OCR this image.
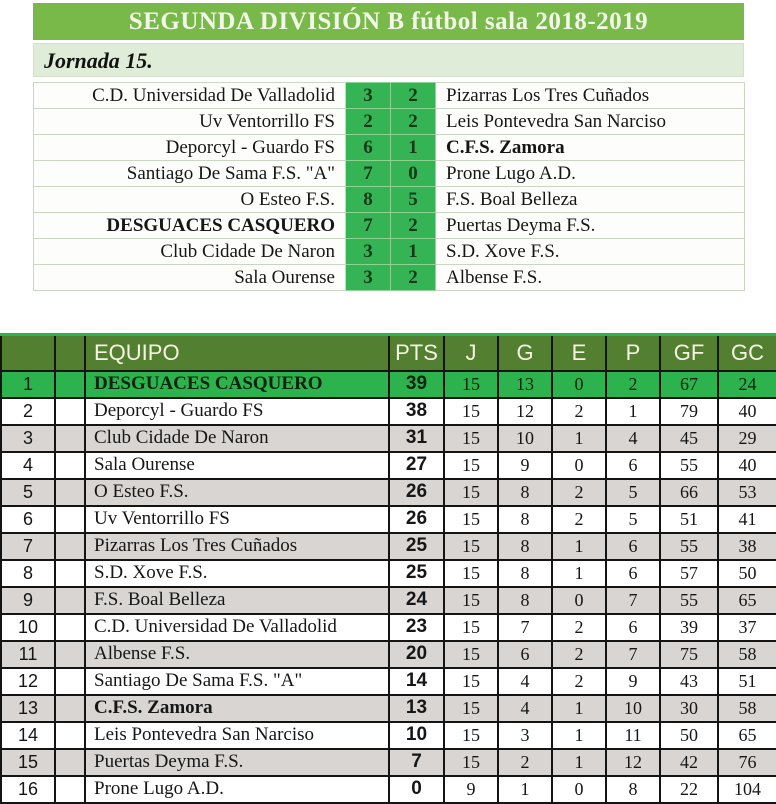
SEGUNDA DIVISIÓN B fútbol sala 2018-2019
Jornada 15.
C.D. Universidad De Valladolid	3	2	Pizarras Los Tres Cuñados
Uv Ventorrillo FS	2	2	Leis Pontevedra San Narciso
Deporcyl - Guardo FS	6	1	C.F.S. Zamora
Santiago De Sama F.S. "A"	7	0	Prone Lugo A.D.
O Esteo F.S.	8	5	F.S. Boal Belleza
DESGUACES CASQUERO	7	2	Puertas Deyma F.S.
Club Cidade De Naron	3	1	S.D. Xove F.S.
Sala Ourense	3	2	Albense F.S.
		EQUIPO	PTS	J	G	E	P	GF	GC
1		DESGUACES CASQUERO	39	15	13	0	2	67	24
2		Deporcyl - Guardo FS	38	15	12	2	1	79	40
3		Club Cidade De Naron	31	15	10	1	4	45	29
4		Sala Ourense	27	15	9	0	6	55	40
5		O Esteo F.S.	26	15	8	2	5	66	53
6		Uv Ventorrillo FS	26	15	8	2	5	51	41
7		Pizarras Los Tres Cuñados	25	15	8	1	6	55	38
8		S.D. Xove F.S.	25	15	8	1	6	57	50
9		F.S. Boal Belleza	24	15	8	0	7	55	65
10		C.D. Universidad De Valladolid	23	15	7	2	6	39	37
11		Albense F.S.	20	15	6	2	7	75	58
12		Santiago De Sama F.S. "A"	14	15	4	2	9	43	51
13		C.F.S. Zamora	13	15	4	1	10	30	58
14		Leis Pontevedra San Narciso	10	15	3	1	11	50	65
15		Puertas Deyma F.S.	7	15	2	1	12	42	76
16		Prone Lugo A.D.	0	9	1	0	8	22	104
